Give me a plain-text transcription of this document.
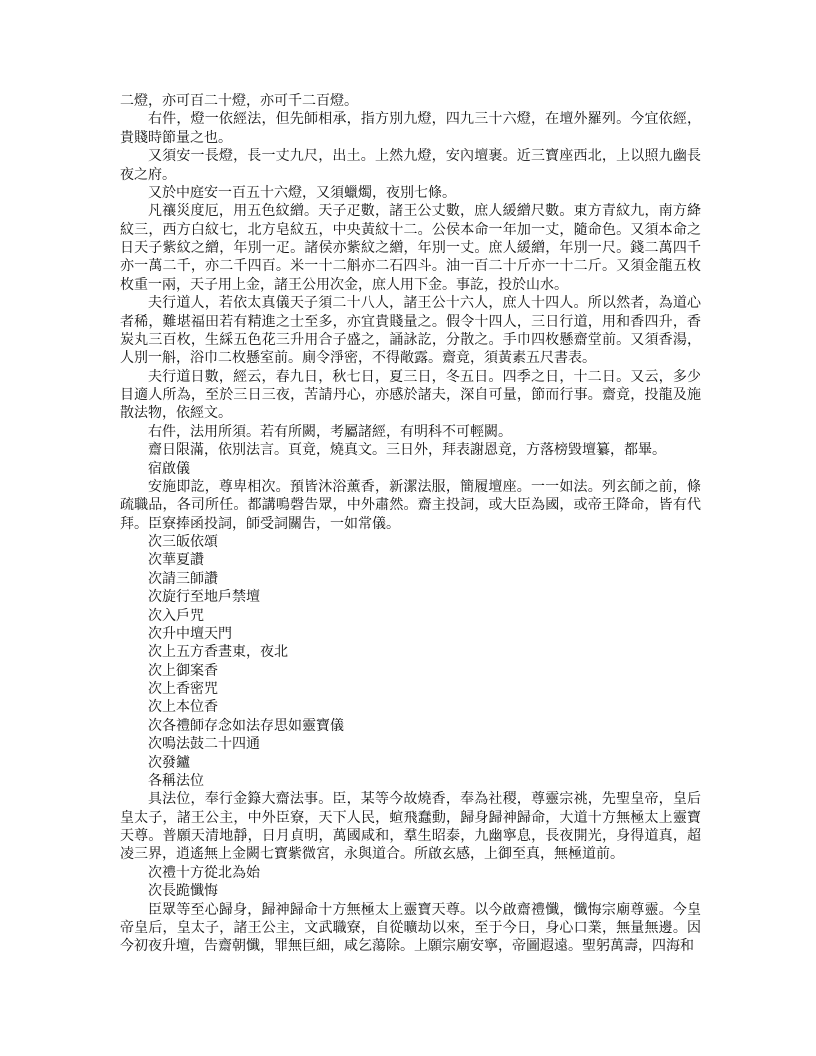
二燈，亦可百二十燈，亦可千二百燈。

右件，燈一依經法，但先師相承，指方別九燈，四九三十六燈，在壇外羅列。今宜依經，貴賤時節量之也。

又須安一長燈，長一丈九尺，出土。上然九燈，安內壇裹。近三寶座西北，上以照九幽長夜之府。

又於中庭安一百五十六燈，又須蠟燭，夜別七條。

凡禳災度厄，用五色紋繒。天子疋數，諸王公丈數，庶人緩繒尺數。東方青紋九，南方絳紋三，西方白紋七，北方皂紋五，中央黃紋十二。公侯本命一年加一丈，隨命色。又須本命之日天子紫紋之繒，年別一疋。諸侯亦紫紋之繒，年別一丈。庶人緩繒，年別一尺。錢二萬四千亦一萬二千，亦二千四百。米一十二斛亦二石四斗。油一百二十斤亦一十二斤。又須金龍五枚枚重一兩，天子用上金，諸王公用次金，庶人用下金。事訖，投於山水。

夫行道人，若依太真儀天子須二十八人，諸王公十六人，庶人十四人。所以然者，為道心者稀，難堪福田若有精進之士至多，亦宜貴賤量之。假令十四人，三日行道，用和香四升，香炭丸三百枚，生綵五色花三升用合子盛之，誦詠訖，分散之。手巾四枚懸齋堂前。又須香湯，人別一斛，浴巾二枚懸室前。廁令淨密，不得敞露。齋竟，須黃素五尺書表。

夫行道日數，經云，春九日，秋七日，夏三日，冬五日。四季之日，十二日。又云，多少目適人所為，至於三日三夜，苦請丹心，亦感於諸夫，深自可量，節而行事。齋竟，投龍及施散法物，依經文。

右件，法用所須。若有所闕，考屬諸經，有明科不可輕闕。

齋日限滿，依別法言。頁竟，燒真文。三日外，拜表謝恩竟，方落榜毀壇纂，都畢。

宿啟儀

安施即訖，尊卑相次。預皆沐浴薰香，新潔法服，簡履壇座。一一如法。列玄師之前，條疏職品，各司所任。都講鳴磬告眾，中外肅然。齋主投詞，或大臣為國，或帝王降命，皆有代拜。臣寮捧函投詞，師受詞關告，一如常儀。

次三皈依頌

次華夏讚

次請三師讚

次旋行至地戶禁壇

次入戶咒

次升中壇天門

次上五方香晝東，夜北

次上御案香

次上香密咒

次上本位香

次各禮師存念如法存思如靈寶儀

次鳴法鼓二十四通

次發鑪

各稱法位

具法位，奉行金籙大齋法事。臣，某等今故燒香，奉為社稷，尊靈宗祧，先聖皇帝，皇后皇太子，諸王公主，中外臣寮，天下人民，蝖飛蠢動，歸身歸神歸命，大道十方無極太上靈寶天尊。普願天清地靜，日月貞明，萬國咸和，羣生昭泰，九幽寧息，長夜開光，身得道真，超凌三界，逍遙無上金闕七寶紫微宮，永與道合。所啟玄感，上御至真，無極道前。

次禮十方從北為始

次長跪懺悔

臣眾等至心歸身，歸神歸命十方無極太上靈寶天尊。以今啟齋禮懺，懺悔宗廟尊靈。今皇帝皇后，皇太子，諸王公主，文武職寮，自從曠劫以來，至于今日，身心口業，無量無邊。因今初夜升壇，告齋朝懺，罪無巨細，咸乞蕩除。上願宗廟安寧，帝圖遐遠。聖躬萬壽，四海和
